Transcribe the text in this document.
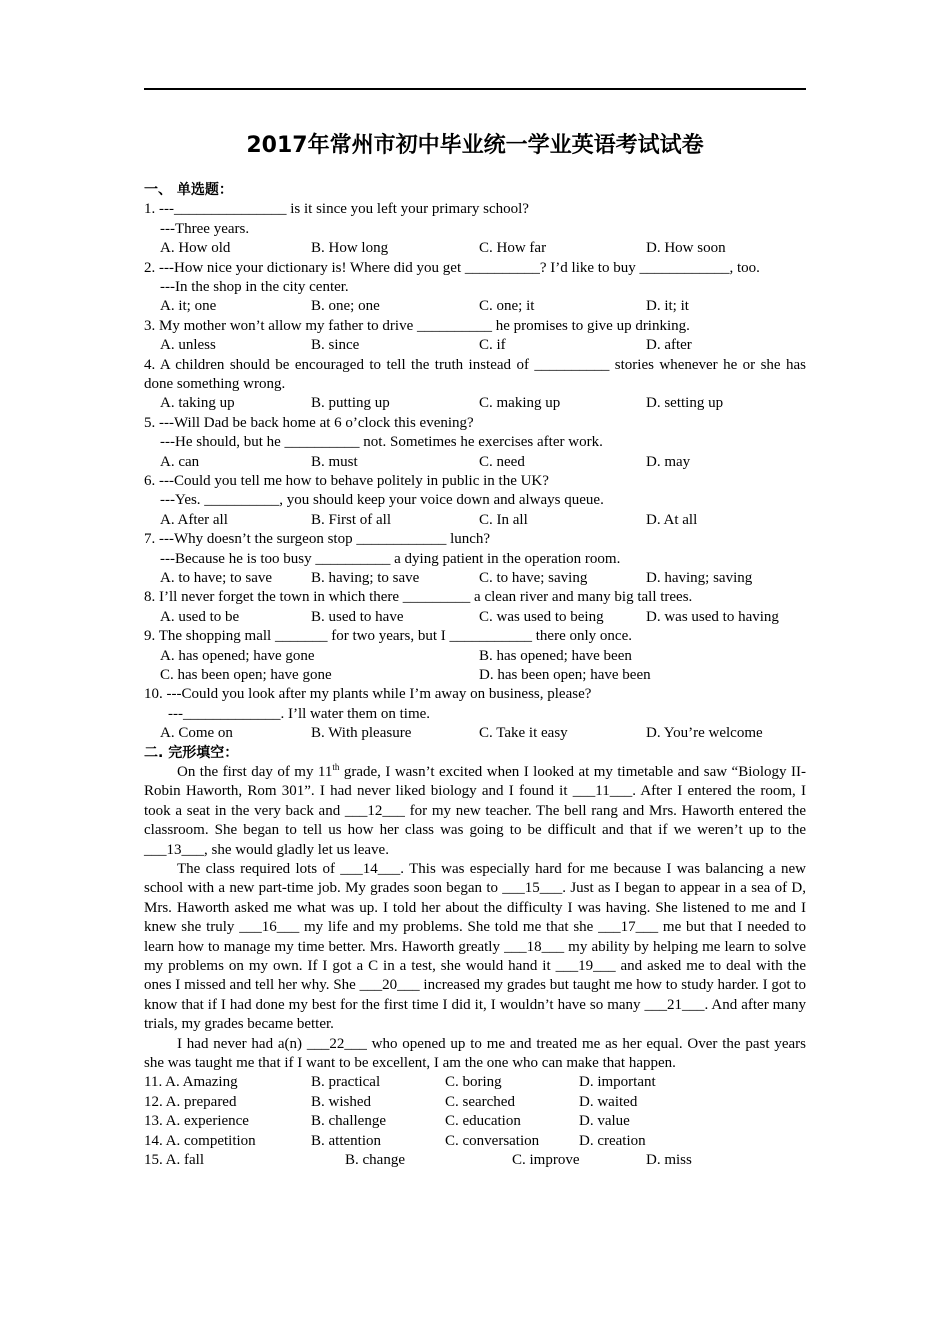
2017年常州市初中毕业统一学业英语考试试卷
一、 单选题：
1. ---_______________ is it since you left your primary school?
---Three years.
A. How old	B. How long	C. How far	D. How soon
2. ---How nice your dictionary is! Where did you get __________? I’d like to buy ____________, too.
---In the shop in the city center.
A. it; one	B. one; one	C. one; it	D. it; it
3. My mother won’t allow my father to drive __________ he promises to give up drinking.
A. unless	B. since	C. if	D. after
4. A children should be encouraged to tell the truth instead of __________ stories whenever he or she has done something wrong.
A. taking up	B. putting up	C. making up	D. setting up
5. ---Will Dad be back home at 6 o’clock this evening?
---He should, but he __________ not. Sometimes he exercises after work.
A. can	B. must	C. need	D. may
6. ---Could you tell me how to behave politely in public in the UK?
---Yes. __________, you should keep your voice down and always queue.
A. After all	B. First of all	C. In all	D. At all
7. ---Why doesn’t the surgeon stop ____________ lunch?
---Because he is too busy __________ a dying patient in the operation room.
A. to have; to save	B. having; to save	C. to have; saving	D. having; saving
8. I’ll never forget the town in which there _________ a clean river and many big tall trees.
A. used to be	B. used to have	C. was used to being	D. was used to having
9. The shopping mall _______ for two years, but I ___________ there only once.
A. has opened; have gone	B. has opened; have been
C. has been open; have gone	D. has been open; have been
10. ---Could you look after my plants while I’m away on business, please?
---_____________. I’ll water them on time.
A. Come on	B. With pleasure	C. Take it easy	D. You’re welcome
二. 完形填空：
On the first day of my 11th grade, I wasn’t excited when I looked at my timetable and saw “Biology II-Robin Haworth, Rom 301”. I had never liked biology and I found it ___11___. After I entered the room, I took a seat in the very back and ___12___ for my new teacher. The bell rang and Mrs. Haworth entered the classroom. She began to tell us how her class was going to be difficult and that if we weren’t up to the ___13___, she would gladly let us leave.
The class required lots of ___14___. This was especially hard for me because I was balancing a new school with a new part-time job. My grades soon began to ___15___. Just as I began to appear in a sea of D, Mrs. Haworth asked me what was up. I told her about the difficulty I was having. She listened to me and I knew she truly ___16___ my life and my problems. She told me that she ___17___ me but that I needed to learn how to manage my time better. Mrs. Haworth greatly ___18___ my ability by helping me learn to solve my problems on my own. If I got a C in a test, she would hand it ___19___ and asked me to deal with the ones I missed and tell her why. She ___20___ increased my grades but taught me how to study harder. I got to know that if I had done my best for the first time I did it, I wouldn’t have so many ___21___. And after many trials, my grades became better.
I had never had a(n) ___22___ who opened up to me and treated me as her equal. Over the past years she was taught me that if I want to be excellent, I am the one who can make that happen.
11. A. Amazing	B. practical	C. boring	D. important
12. A. prepared	B. wished	C. searched	D. waited
13. A. experience	B. challenge	C. education	D. value
14. A. competition	B. attention	C. conversation	D. creation
15. A. fall	B. change	C. improve	D. miss
